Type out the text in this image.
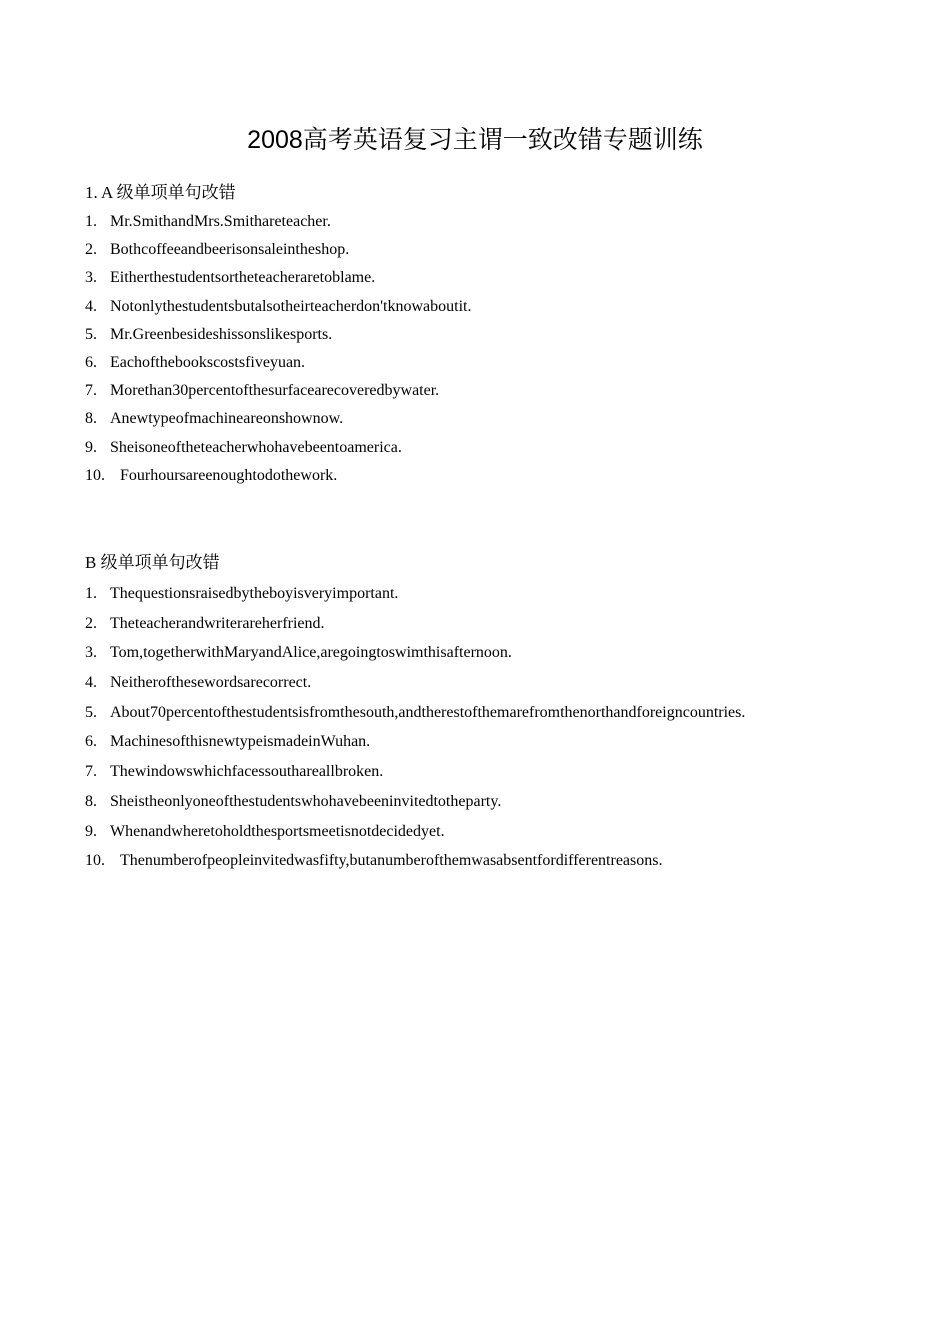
2008高考英语复习主谓一致改错专题训练
1. A 级单项单句改错
1. Mr.SmithandMrs.Smithareteacher.
2. Bothcoffeeandbeerisonsaleintheshop.
3. Eitherthestudentsortheteacheraretoblame.
4. Notonlythestudentsbutalsotheirteacherdon'tknowaboutit.
5. Mr.Greenbesideshissonslikesports.
6. Eachofthebookscostsfiveyuan.
7. Morethan30percentofthesurfacearecoveredbywater.
8. Anewtypeofmachineareonshownow.
9. Sheisoneoftheteacherwhohavebeentoamerica.
10. Fourhoursareenoughtodothework.
B 级单项单句改错
1. Thequestionsraisedbytheboyisveryimportant.
2. Theteacherandwriterareherfriend.
3. Tom,togetherwithMaryandAlice,aregoingtoswimthisafternoon.
4. Neitherofthesewordsarecorrect.
5. About70percentofthestudentsisfromthesouth,andtherestofthemarefromthenorthandforeigncountries.
6. MachinesofthisnewtypeismadeinWuhan.
7. Thewindowswhichfacessouthareallbroken.
8. Sheistheonlyoneofthestudentswhohavebeeninvitedtotheparty.
9. Whenandwheretoholdthesportsmeetisnotdecidedyet.
10. Thenumberofpeopleinvitedwasfifty,butanumberofthemwasabsentfordifferentreasons.
